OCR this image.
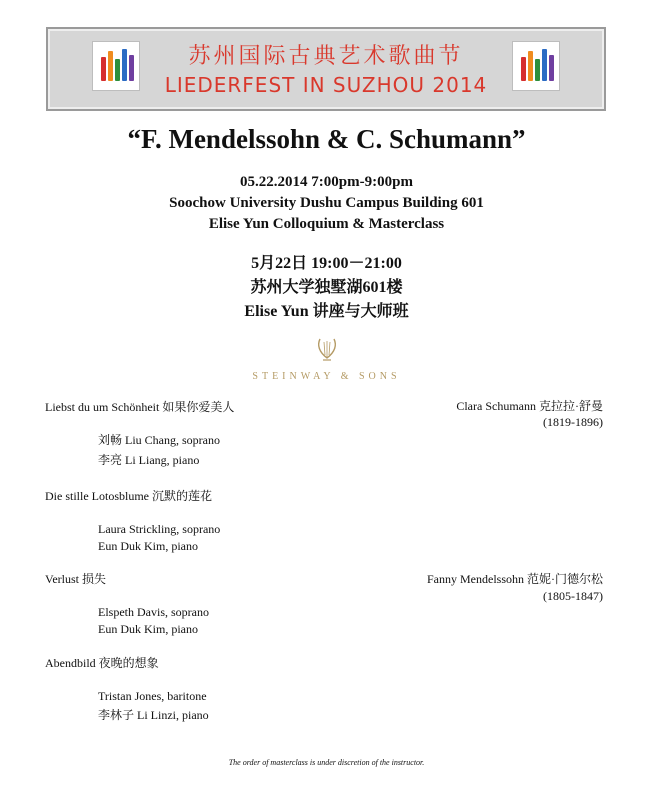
苏州国际古典艺术歌曲节
LIEDERFEST IN SUZHOU 2014
“F. Mendelssohn & C. Schumann”
05.22.2014 7:00pm-9:00pm
Soochow University Dushu Campus Building 601
Elise Yun Colloquium & Masterclass
5月22日 19:00－21:00
苏州大学独墅湖601楼
Elise Yun 讲座与大师班
STEINWAY & SONS
Liebst du um Schönheit 如果你爱美人	Clara Schumann 克拉拉·舒曼
(1819-1896)
刘畅 Liu Chang, soprano
李亮 Li Liang, piano
Die stille Lotosblume 沉默的莲花
Laura Strickling, soprano
Eun Duk Kim, piano
Verlust 损失	Fanny Mendelssohn 范妮·门德尔松
(1805-1847)
Elspeth Davis, soprano
Eun Duk Kim, piano
Abendbild 夜晚的想象
Tristan Jones, baritone
李林子 Li Linzi, piano
The order of masterclass is under discretion of the instructor.
